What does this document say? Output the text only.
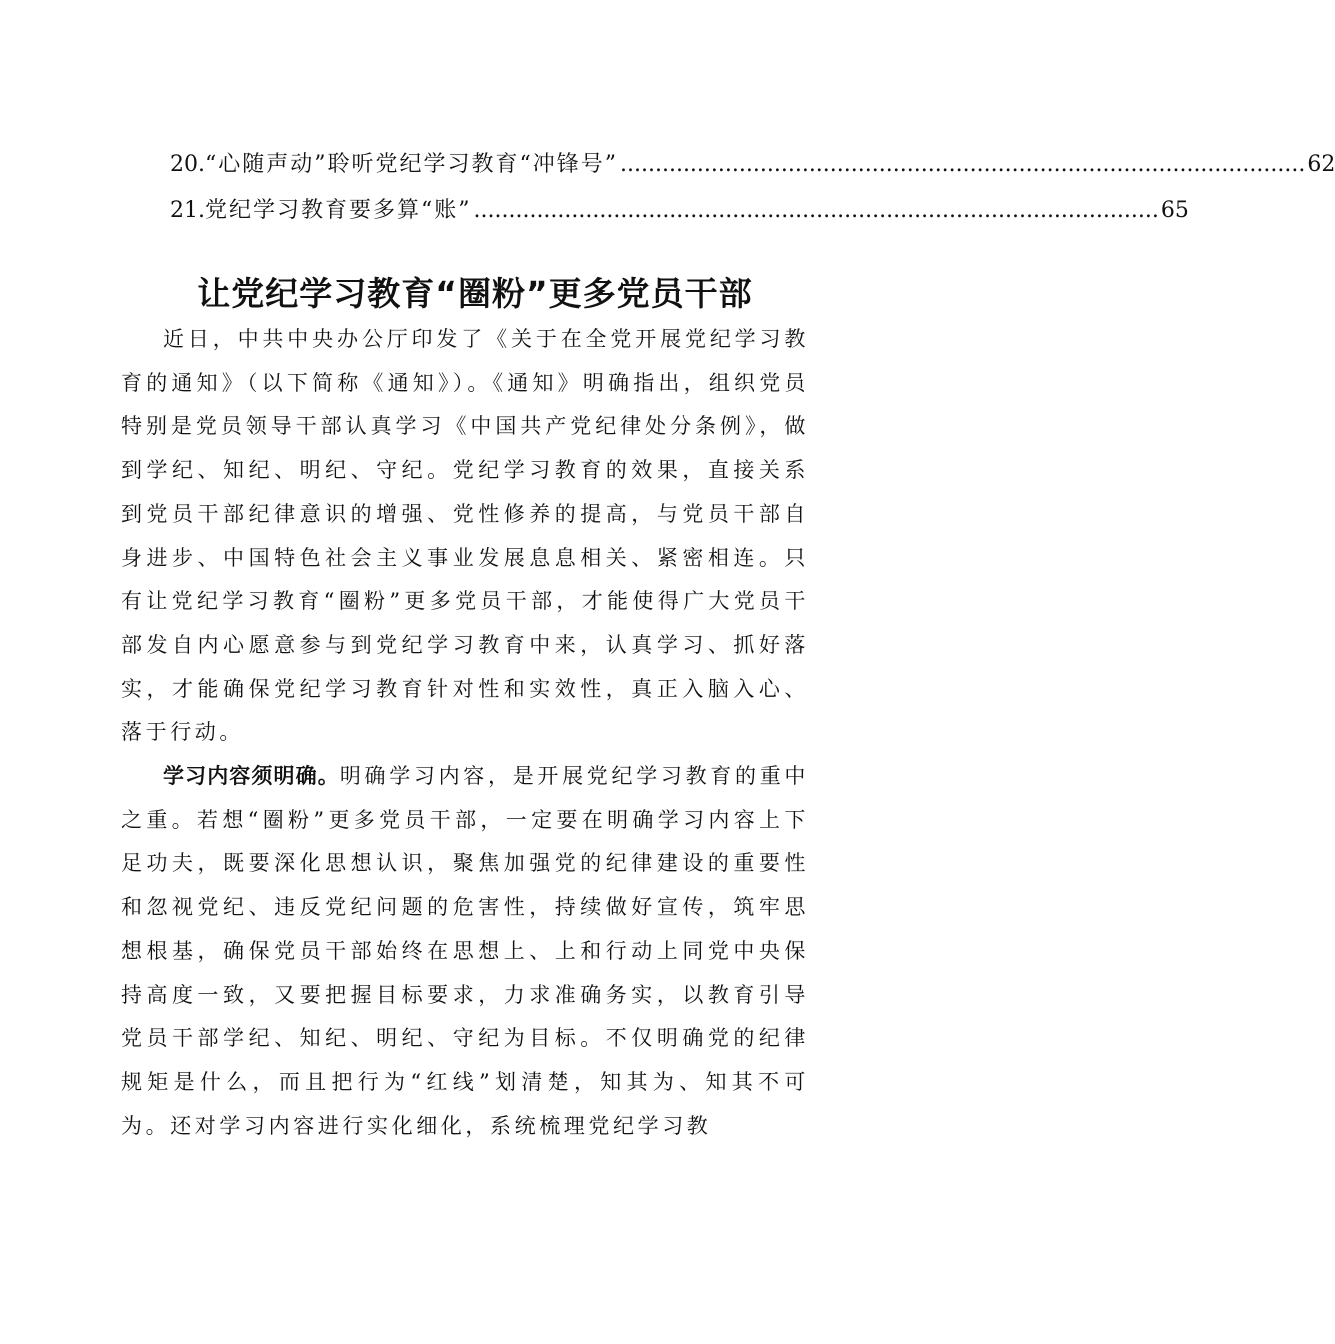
20. “心随声动”聆听党纪学习教育“冲锋号” .................................................................................................. 62
21. 党纪学习教育要多算“账” .................................................................................................. 65
让党纪学习教育“圈粉”更多党员干部

近日，中共中央办公厅印发了《关于在全党开展党纪学习教育的通知》（以下简称《通知》）。《通知》明确指出，组织党员特别是党员领导干部认真学习《中国共产党纪律处分条例》，做到学纪、知纪、明纪、守纪。党纪学习教育的效果，直接关系到党员干部纪律意识的增强、党性修养的提高，与党员干部自身进步、中国特色社会主义事业发展息息相关、紧密相连。只有让党纪学习教育“圈粉”更多党员干部，才能使得广大党员干部发自内心愿意参与到党纪学习教育中来，认真学习、抓好落实，才能确保党纪学习教育针对性和实效性，真正入脑入心、落于行动。

学习内容须明确。明确学习内容，是开展党纪学习教育的重中之重。若想“圈粉”更多党员干部，一定要在明确学习内容上下足功夫，既要深化思想认识，聚焦加强党的纪律建设的重要性和忽视党纪、违反党纪问题的危害性，持续做好宣传，筑牢思想根基，确保党员干部始终在思想上、上和行动上同党中央保持高度一致，又要把握目标要求，力求准确务实，以教育引导党员干部学纪、知纪、明纪、守纪为目标。不仅明确党的纪律规矩是什么，而且把行为“红线”划清楚，知其为、知其不可为。还对学习内容进行实化细化，系统梳理党纪学习教
